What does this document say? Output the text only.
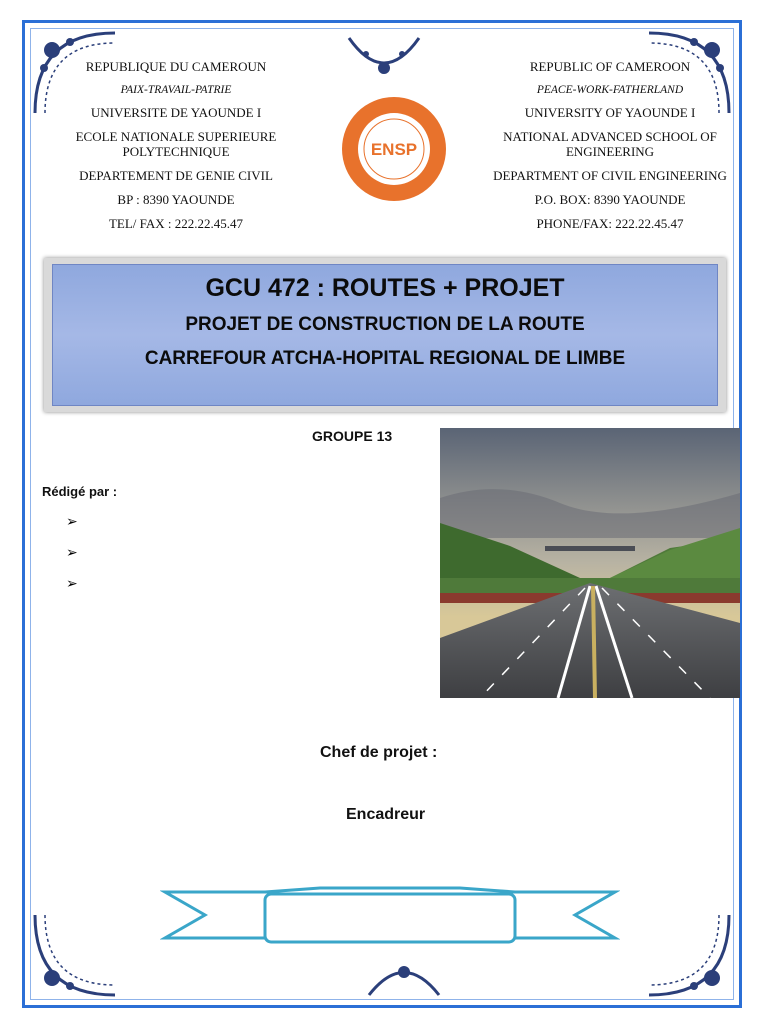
REPUBLIQUE DU CAMEROUN
PAIX-TRAVAIL-PATRIE
UNIVERSITE DE YAOUNDE I
ECOLE NATIONALE SUPERIEURE POLYTECHNIQUE
DEPARTEMENT DE GENIE CIVIL
BP : 8390 YAOUNDE
TEL/ FAX : 222.22.45.47
REPUBLIC OF CAMEROON
PEACE-WORK-FATHERLAND
UNIVERSITY OF YAOUNDE I
NATIONAL ADVANCED SCHOOL OF ENGINEERING
DEPARTMENT OF CIVIL ENGINEERING
P.O. BOX: 8390 YAOUNDE
PHONE/FAX: 222.22.45.47
ENSP
GCU 472 : ROUTES + PROJET
PROJET DE CONSTRUCTION DE LA ROUTE
CARREFOUR ATCHA-HOPITAL REGIONAL DE LIMBE
GROUPE 13
Rédigé par :
➢
➢
➢
Chef de projet :
Encadreur
